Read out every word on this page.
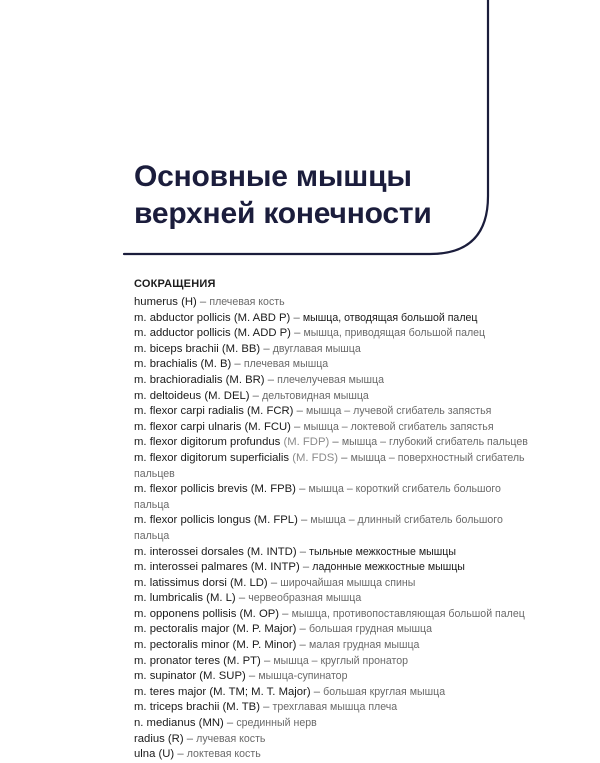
Основные мышцы
верхней конечности
СОКРАЩЕНИЯ
humerus (H) – плечевая кость
m. abductor pollicis (M. ABD P) – мышца, отводящая большой палец
m. adductor pollicis (M. ADD P) – мышца, приводящая большой палец
m. biceps brachii (M. BB) – двуглавая мышца
m. brachialis (M. B) – плечевая мышца
m. brachioradialis (M. BR) – плечелучевая мышца
m. deltoideus (M. DEL) – дельтовидная мышца
m. flexor carpi radialis (M. FCR) – мышца – лучевой сгибатель запястья
m. flexor carpi ulnaris (M. FCU) – мышца – локтевой сгибатель запястья
m. flexor digitorum profundus (M. FDP) – мышца – глубокий сгибатель пальцев
m. flexor digitorum superficialis (M. FDS) – мышца – поверхностный сгибатель пальцев
m. flexor pollicis brevis (M. FPB) – мышца – короткий сгибатель большого пальца
m. flexor pollicis longus (M. FPL) – мышца – длинный сгибатель большого пальца
m. interossei dorsales (M. INTD) – тыльные межкостные мышцы
m. interossei palmares (M. INTP) – ладонные межкостные мышцы
m. latissimus dorsi (M. LD) – широчайшая мышца спины
m. lumbricalis (M. L) – червеобразная мышца
m. opponens pollisis (M. OP) – мышца, противопоставляющая большой палец
m. pectoralis major (M. P. Major) – большая грудная мышца
m. pectoralis minor (M. P. Minor) – малая грудная мышца
m. pronator teres (M. PT) – мышца – круглый пронатор
m. supinator (M. SUP) – мышца-супинатор
m. teres major (M. TM; M. T. Major) – большая круглая мышца
m. triceps brachii (M. TB) – трехглавая мышца плеча
n. medianus (MN) – срединный нерв
radius (R) – лучевая кость
ulna (U) – локтевая кость
